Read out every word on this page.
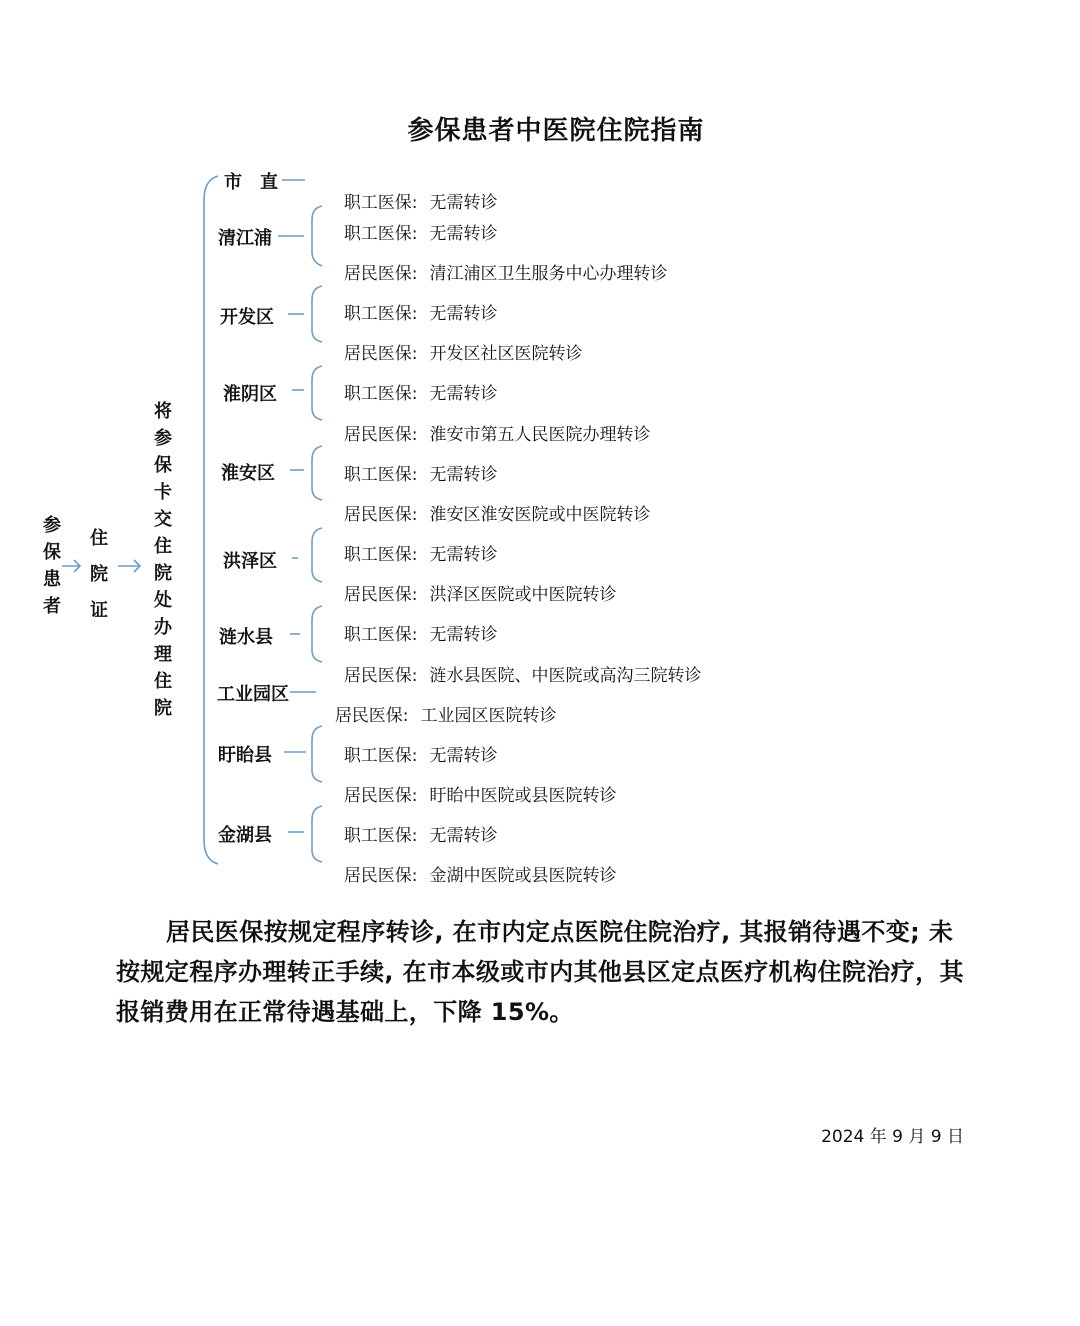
参保患者中医院住院指南
参保患者
住院证
将参保卡交住院处办理住院
市　直
清江浦
开发区
淮阴区
淮安区
洪泽区
涟水县
工业园区
盱眙县
金湖县

职工医保: 无需转诊

职工医保: 无需转诊

居民医保: 清江浦区卫生服务中心办理转诊

职工医保: 无需转诊

居民医保: 开发区社区医院转诊

职工医保: 无需转诊

居民医保: 淮安市第五人民医院办理转诊

职工医保: 无需转诊

居民医保: 淮安区淮安医院或中医院转诊

职工医保: 无需转诊

居民医保: 洪泽区医院或中医院转诊

职工医保: 无需转诊

居民医保: 涟水县医院、中医院或高沟三院转诊

居民医保: 工业园区医院转诊

职工医保: 无需转诊

居民医保: 盱眙中医院或县医院转诊

职工医保: 无需转诊

居民医保: 金湖中医院或县医院转诊

居民医保按规定程序转诊, 在市内定点医院住院治疗, 其报销待遇不变; 未按规定程序办理转正手续, 在市本级或市内其他县区定点医疗机构住院治疗，其报销费用在正常待遇基础上，下降 15%。
2024 年 9 月 9 日
